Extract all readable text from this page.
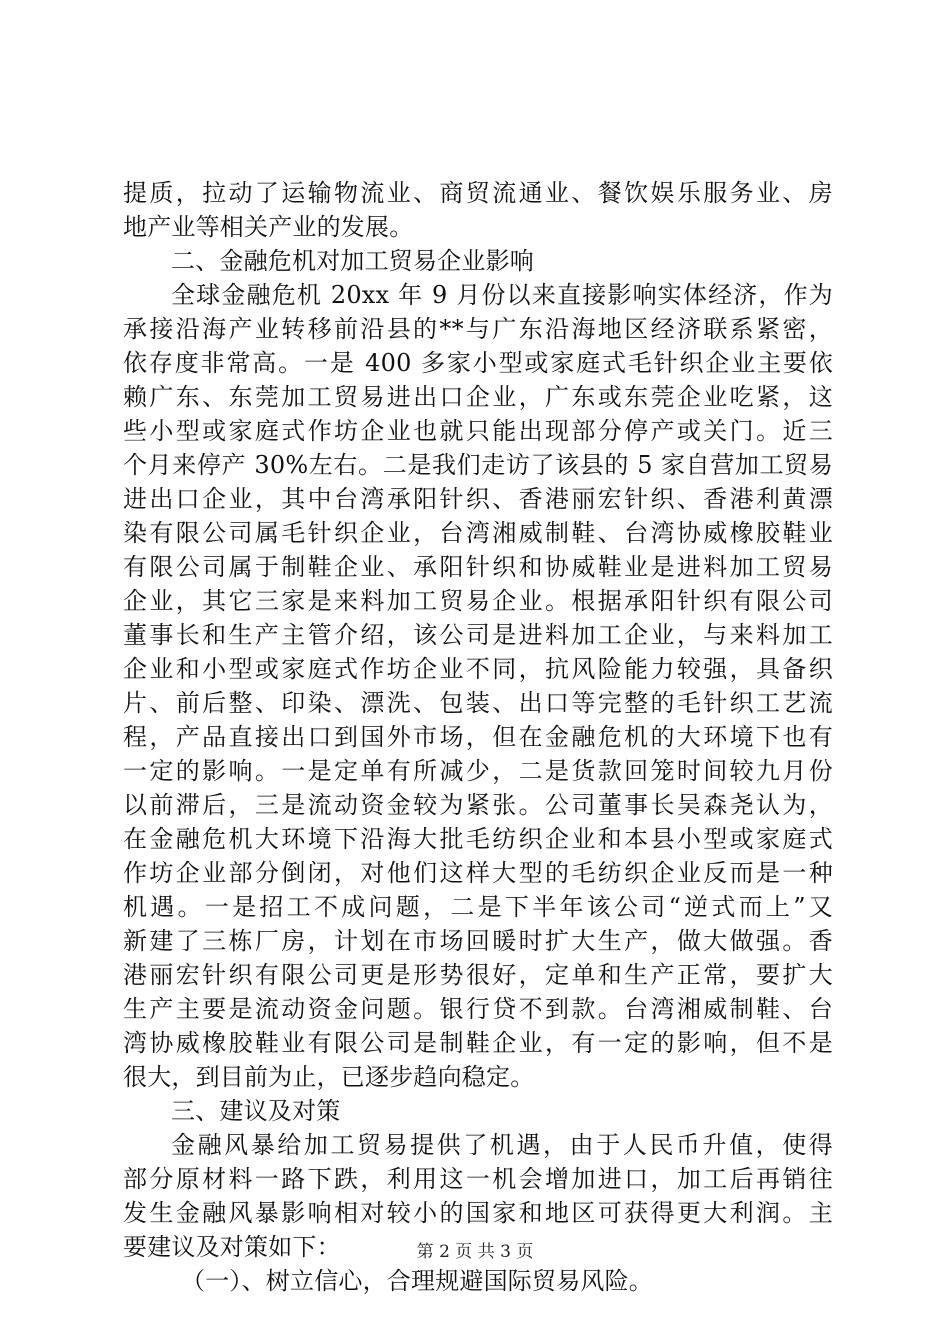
提质，拉动了运输物流业、商贸流通业、餐饮娱乐服务业、房
地产业等相关产业的发展。
二、金融危机对加工贸易企业影响
全球金融危机 20xx 年 9 月份以来直接影响实体经济，作为
承接沿海产业转移前沿县的**与广东沿海地区经济联系紧密，
依存度非常高。一是 400 多家小型或家庭式毛针织企业主要依
赖广东、东莞加工贸易进出口企业，广东或东莞企业吃紧，这
些小型或家庭式作坊企业也就只能出现部分停产或关门。近三
个月来停产 30%左右。二是我们走访了该县的 5 家自营加工贸易
进出口企业，其中台湾承阳针织、香港丽宏针织、香港利黄漂
染有限公司属毛针织企业，台湾湘威制鞋、台湾协威橡胶鞋业
有限公司属于制鞋企业、承阳针织和协威鞋业是进料加工贸易
企业，其它三家是来料加工贸易企业。根据承阳针织有限公司
董事长和生产主管介绍，该公司是进料加工企业，与来料加工
企业和小型或家庭式作坊企业不同，抗风险能力较强，具备织
片、前后整、印染、漂洗、包装、出口等完整的毛针织工艺流
程，产品直接出口到国外市场，但在金融危机的大环境下也有
一定的影响。一是定单有所减少，二是货款回笼时间较九月份
以前滞后，三是流动资金较为紧张。公司董事长吴森尧认为，
在金融危机大环境下沿海大批毛纺织企业和本县小型或家庭式
作坊企业部分倒闭，对他们这样大型的毛纺织企业反而是一种
机遇。一是招工不成问题，二是下半年该公司“逆式而上”又
新建了三栋厂房，计划在市场回暖时扩大生产，做大做强。香
港丽宏针织有限公司更是形势很好，定单和生产正常，要扩大
生产主要是流动资金问题。银行贷不到款。台湾湘威制鞋、台
湾协威橡胶鞋业有限公司是制鞋企业，有一定的影响，但不是
很大，到目前为止，已逐步趋向稳定。
三、建议及对策
金融风暴给加工贸易提供了机遇，由于人民币升值，使得
部分原材料一路下跌，利用这一机会增加进口，加工后再销往
发生金融风暴影响相对较小的国家和地区可获得更大利润。主
要建议及对策如下：
（一）、树立信心，合理规避国际贸易风险。
第 2 页 共 3 页
